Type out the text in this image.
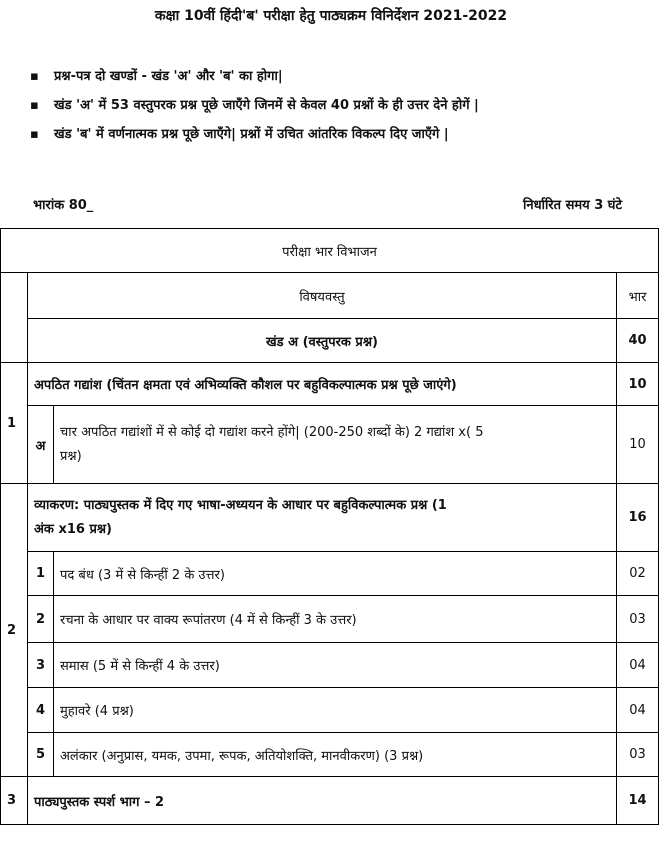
कक्षा 10वीं हिंदी'ब' परीक्षा हेतु पाठ्यक्रम विनिर्देशन 2021-2022
▪ प्रश्न-पत्र दो खण्डों - खंड 'अ' और 'ब' का होगा|
▪ खंड 'अ' में 53 वस्तुपरक प्रश्न पूछे जाएँगे जिनमें से केवल 40 प्रश्नों के ही उत्तर देने होगें |
▪ खंड 'ब' में वर्णनात्मक प्रश्न पूछे जाएँगे| प्रश्नों में उचित आंतरिक विकल्प दिए जाएँगे |
भारांक 80_	निर्धारित समय 3 घंटे
परीक्षा भार विभाजन			
	विषयवस्तु		भार
	खंड अ (वस्तुपरक प्रश्न)		40
1	अपठित गद्यांश (चिंतन क्षमता एवं अभिव्यक्ति कौशल पर बहुविकल्पात्मक प्रश्न पूछे जाएंगे)		10
	अ	चार अपठित गद्यांशों में से कोई दो गद्यांश करने होंगे| (200-250 शब्दों के) 2 गद्यांश x( 5
प्रश्न)	10
2	व्याकरण: पाठ्यपुस्तक में दिए गए भाषा-अध्ययन के आधार पर बहुविकल्पात्मक प्रश्न (1
अंक x16 प्रश्न)		16
	1	पद बंध (3 में से किन्हीं 2 के उत्तर)	02
	2	रचना के आधार पर वाक्य रूपांतरण (4 में से किन्हीं 3 के उत्तर)	03
	3	समास (5 में से किन्हीं 4 के उत्तर)	04
	4	मुहावरे (4 प्रश्न)	04
	5	अलंकार (अनुप्रास, यमक, उपमा, रूपक, अतियोशक्ति, मानवीकरण) (3 प्रश्न)	03
3	पाठ्यपुस्तक स्पर्श भाग – 2		14
